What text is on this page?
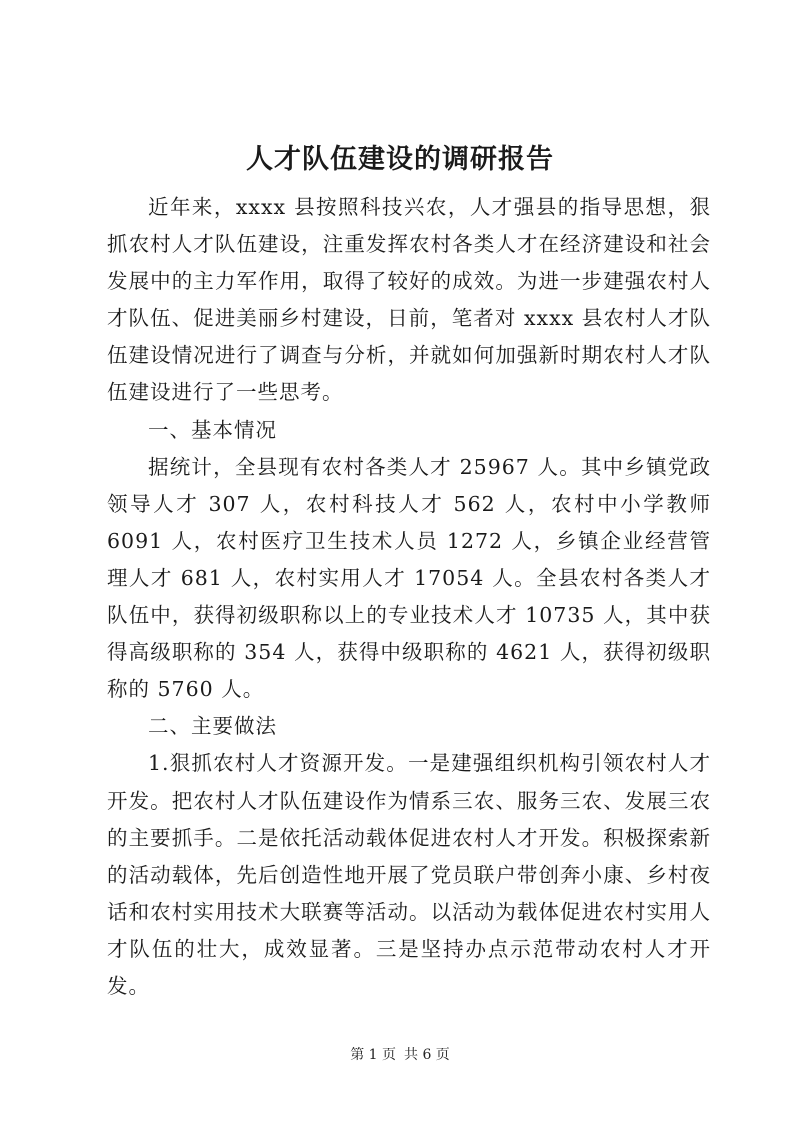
人才队伍建设的调研报告

近年来，xxxx 县按照科技兴农，人才强县的指导思想，狠抓农村人才队伍建设，注重发挥农村各类人才在经济建设和社会发展中的主力军作用，取得了较好的成效。为进一步建强农村人才队伍、促进美丽乡村建设，日前，笔者对 xxxx 县农村人才队伍建设情况进行了调查与分析，并就如何加强新时期农村人才队伍建设进行了一些思考。

一、基本情况

据统计，全县现有农村各类人才 25967 人。其中乡镇党政领导人才 307 人，农村科技人才 562 人，农村中小学教师 6091 人，农村医疗卫生技术人员 1272 人，乡镇企业经营管理人才 681 人，农村实用人才 17054 人。全县农村各类人才队伍中，获得初级职称以上的专业技术人才 10735 人，其中获得高级职称的 354 人，获得中级职称的 4621 人，获得初级职称的 5760 人。

二、主要做法

1.狠抓农村人才资源开发。一是建强组织机构引领农村人才开发。把农村人才队伍建设作为情系三农、服务三农、发展三农的主要抓手。二是依托活动载体促进农村人才开发。积极探索新的活动载体，先后创造性地开展了党员联户带创奔小康、乡村夜话和农村实用技术大联赛等活动。以活动为载体促进农村实用人才队伍的壮大，成效显著。三是坚持办点示范带动农村人才开发。

第 1 页 共 6 页
